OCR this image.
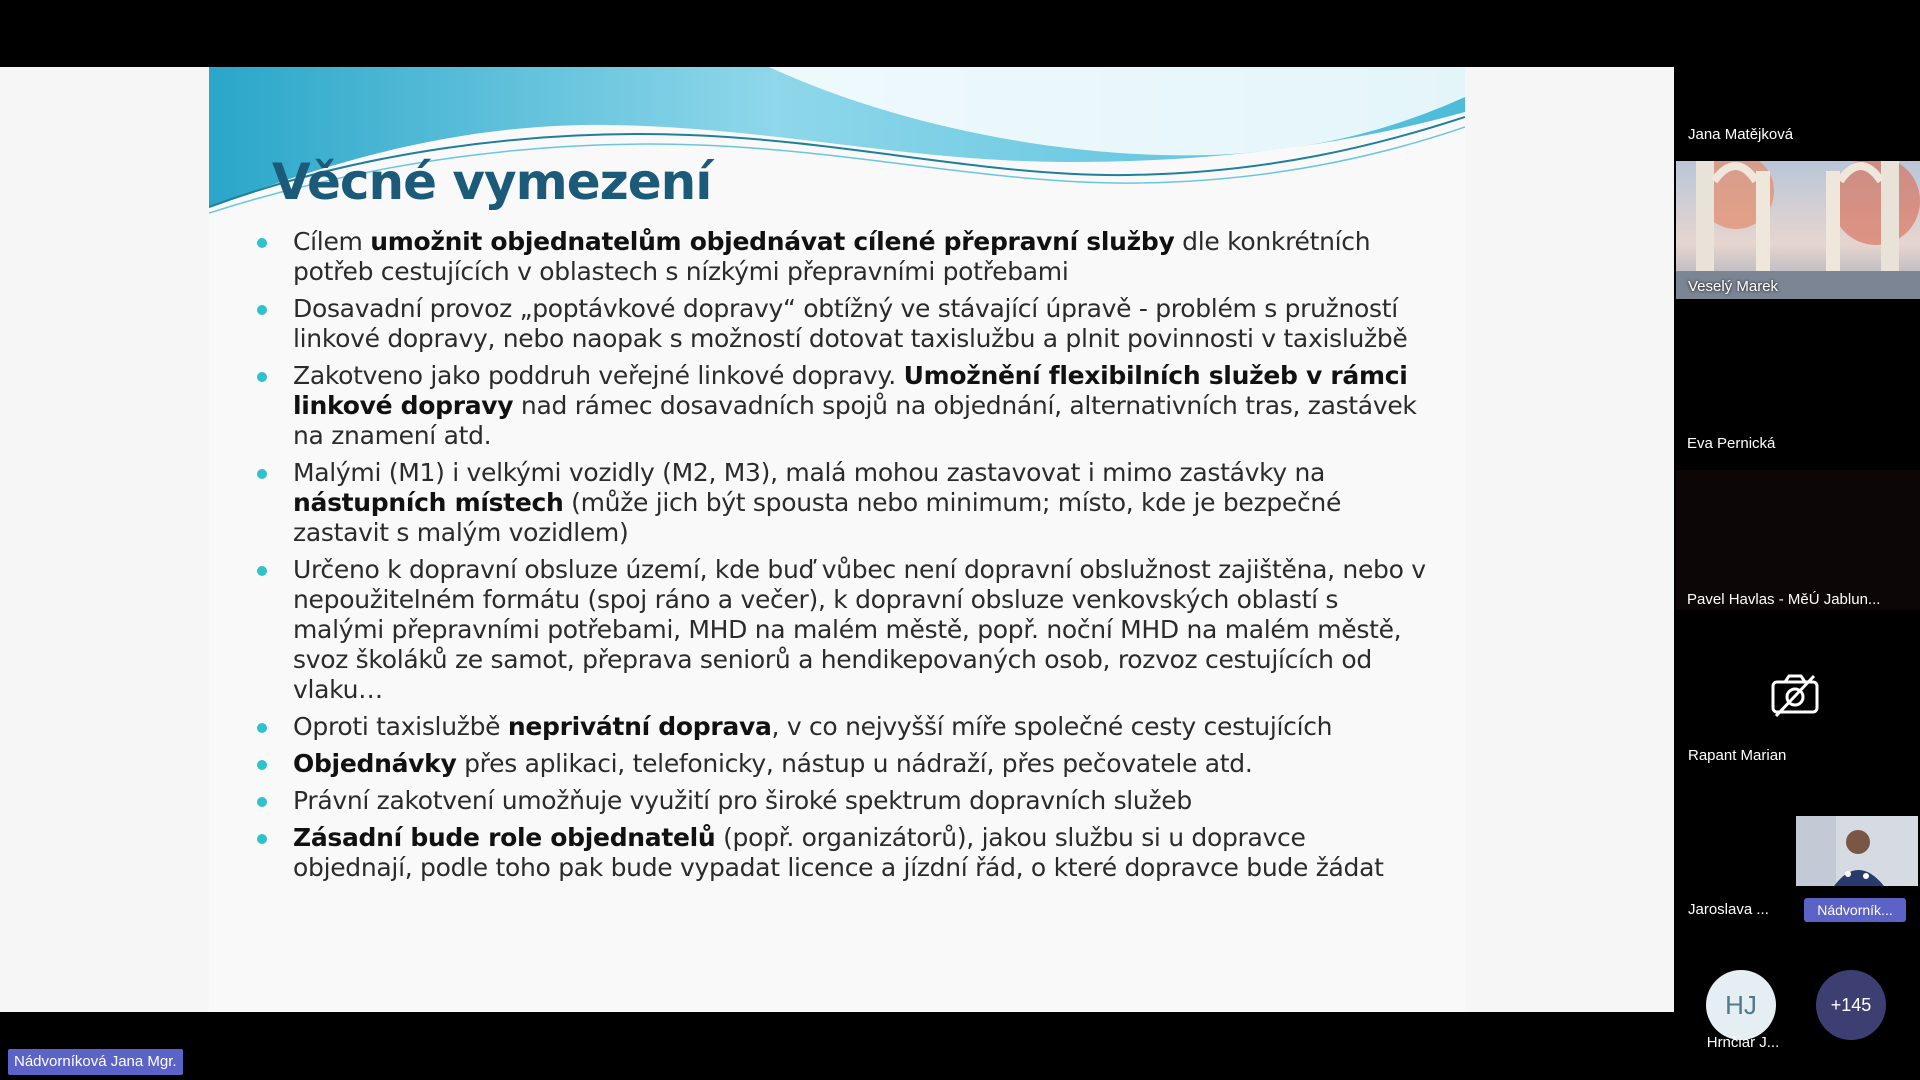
Věcné vymezení
Cílem umožnit objednatelům objednávat cílené přepravní služby dle konkrétních potřeb cestujících v oblastech s nízkými přepravními potřebami
Dosavadní provoz „poptávkové dopravy“ obtížný ve stávající úpravě - problém s pružností linkové dopravy, nebo naopak s možností dotovat taxislužbu a plnit povinnosti v taxislužbě
Zakotveno jako poddruh veřejné linkové dopravy. Umožnění flexibilních služeb v rámci linkové dopravy nad rámec dosavadních spojů na objednání, alternativních tras, zastávek na znamení atd.
Malými (M1) i velkými vozidly (M2, M3), malá mohou zastavovat i mimo zastávky na nástupních místech (může jich být spousta nebo minimum; místo, kde je bezpečné zastavit s malým vozidlem)
Určeno k dopravní obsluze území, kde buď vůbec není dopravní obslužnost zajištěna, nebo v nepoužitelném formátu (spoj ráno a večer), k dopravní obsluze venkovských oblastí s malými přepravními potřebami, MHD na malém městě, popř. noční MHD na malém městě, svoz školáků ze samot, přeprava seniorů a hendikepovaných osob, rozvoz cestujících od vlaku…
Oproti taxislužbě neprivátní doprava, v co nejvyšší míře společné cesty cestujících
Objednávky přes aplikaci, telefonicky, nástup u nádraží, přes pečovatele atd.
Právní zakotvení umožňuje využití pro široké spektrum dopravních služeb
Zásadní bude role objednatelů (popř. organizátorů), jakou službu si u dopravce objednají, podle toho pak bude vypadat licence a jízdní řád, o které dopravce bude žádat
Jana Matějková
Veselý Marek
Eva Pernická
Pavel Havlas - MěÚ Jablun...
Rapant Marian
Jaroslava ...	Nádvorník...
HJ
Hrnčiar J...
+145
Nádvorníková Jana Mgr.
